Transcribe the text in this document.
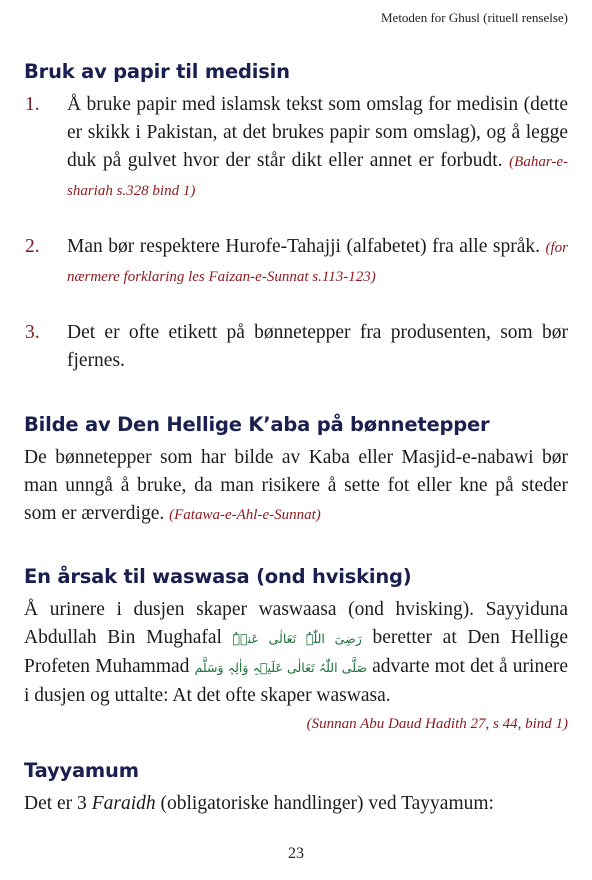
Metoden for Ghusl (rituell renselse)
Bruk av papir til medisin
1. Å bruke papir med islamsk tekst som omslag for medisin (dette er skikk i Pakistan, at det brukes papir som omslag), og å legge duk på gulvet hvor der står dikt eller annet er forbudt. (Bahar-e-shariah s.328 bind 1)
2. Man bør respektere Hurofe-Tahajji (alfabetet) fra alle språk. (for nærmere forklaring les Faizan-e-Sunnat s.113-123)
3. Det er ofte etikett på bønnetepper fra produsenten, som bør fjernes.
Bilde av Den Hellige K’aba på bønnetepper

De bønnetepper som har bilde av Kaba eller Masjid-e-nabawi bør man unngå å bruke, da man risikere å sette fot eller kne på steder som er ærverdige. (Fatawa-e-Ahl-e-Sunnat)

En årsak til waswasa (ond hvisking)

Å urinere i dusjen skaper waswaasa (ond hvisking). Sayyiduna Abdullah Bin Mughafal رَضِیَ اللّٰہُ تَعَالٰی عَنۡہُ beretter at Den Hellige Profeten Muhammad صَلَّی اللّٰہُ تَعَالٰی عَلَیۡہِ وَاٰلِہٖ وَسَلَّم advarte mot det å urinere i dusjen og uttalte: At det ofte skaper waswasa.

(Sunnan Abu Daud Hadith 27, s 44, bind 1)
Tayyamum

Det er 3 Faraidh (obligatoriske handlinger) ved Tayyamum:

23
